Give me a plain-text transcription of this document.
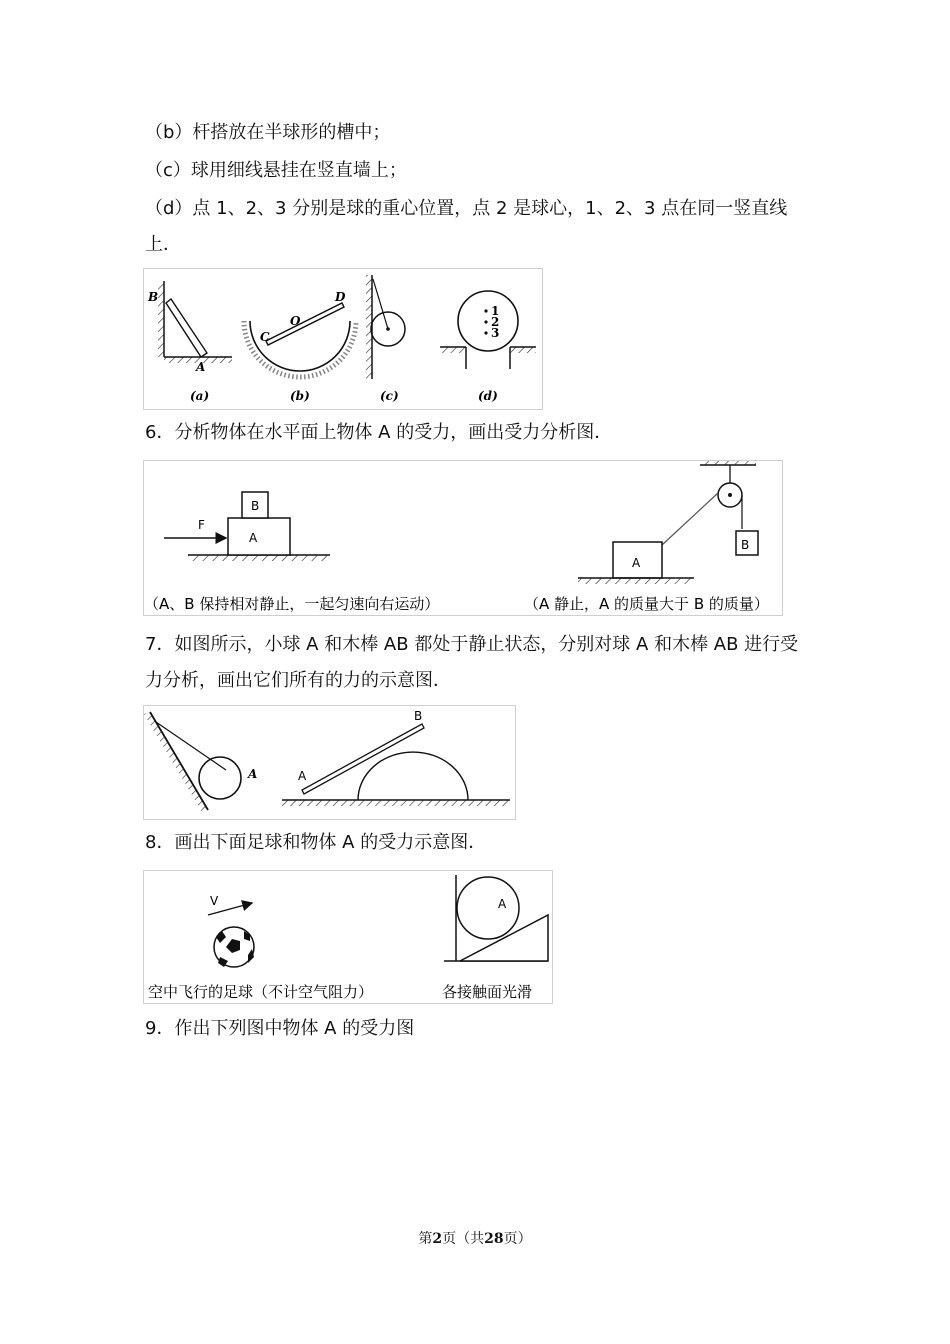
（b）杆搭放在半球形的槽中；
（c）球用细线悬挂在竖直墙上；
（d）点 1、2、3 分别是球的重心位置，点 2 是球心，1、2、3 点在同一竖直线
上．
B
A
(a)
C
O
D
(b)	(c)
1
2
3
(d)
6．分析物体在水平面上物体 A 的受力，画出受力分析图．
F
B
A
（A、B 保持相对静止，一起匀速向右运动）
B
A
（A 静止，A 的质量大于 B 的质量）
7．如图所示，小球 A 和木棒 AB 都处于静止状态，分别对球 A 和木棒 AB 进行受
力分析，画出它们所有的力的示意图．
A	A
B
8．画出下面足球和物体 A 的受力示意图．
V
空中飞行的足球（不计空气阻力）
A
各接触面光滑
9．作出下列图中物体 A 的受力图
第2页（共28页）
